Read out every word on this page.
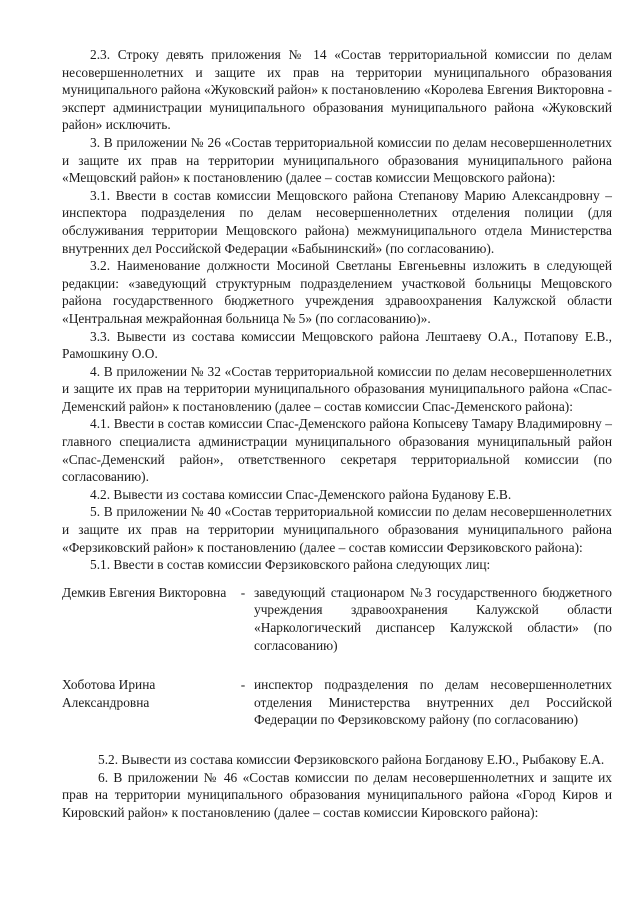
2.3. Строку девять приложения № 14 «Состав территориальной комиссии по делам несовершеннолетних и защите их прав на территории муниципального образования муниципального района «Жуковский район» к постановлению «Королева Евгения Викторовна - эксперт администрации муниципального образования муниципального района «Жуковский район» исключить.

3. В приложении № 26 «Состав территориальной комиссии по делам несовершеннолетних и защите их прав на территории муниципального образования муниципального района «Мещовский район» к постановлению (далее – состав комиссии Мещовского района):

3.1. Ввести в состав комиссии Мещовского района Степанову Марию Александровну – инспектора подразделения по делам несовершеннолетних отделения полиции (для обслуживания территории Мещовского района) межмуниципального отдела Министерства внутренних дел Российской Федерации «Бабынинский» (по согласованию).

3.2. Наименование должности Мосиной Светланы Евгеньевны изложить в следующей редакции: «заведующий структурным подразделением участковой больницы Мещовского района государственного бюджетного учреждения здравоохранения Калужской области «Центральная межрайонная больница № 5» (по согласованию)».

3.3. Вывести из состава комиссии Мещовского района Лештаеву О.А., Потапову Е.В., Рамошкину О.О.

4. В приложении № 32 «Состав территориальной комиссии по делам несовершеннолетних и защите их прав на территории муниципального образования муниципального района «Спас-Деменский район» к постановлению (далее – состав комиссии Спас-Деменского района):

4.1. Ввести в состав комиссии Спас-Деменского района Копысеву Тамару Владимировну – главного специалиста администрации муниципального образования муниципальный район «Спас-Деменский район», ответственного секретаря территориальной комиссии (по согласованию).

4.2. Вывести из состава комиссии Спас-Деменского района Буданову Е.В.

5. В приложении № 40 «Состав территориальной комиссии по делам несовершеннолетних и защите их прав на территории муниципального образования муниципального района «Ферзиковский район» к постановлению (далее – состав комиссии Ферзиковского района):

5.1. Ввести в состав комиссии Ферзиковского района следующих лиц:

Демкив Евгения Викторовна	- заведующий стационаром №3 государственного бюджетного учреждения здравоохранения Калужской области «Наркологический диспансер Калужской области» (по согласованию)
Хоботова Ирина Александровна
- инспектор подразделения по делам несовершеннолетних отделения Министерства внутренних дел Российской Федерации по Ферзиковскому району (по согласованию)

5.2. Вывести из состава комиссии Ферзиковского района Богданову Е.Ю., Рыбакову Е.А.

6. В приложении № 46 «Состав комиссии по делам несовершеннолетних и защите их прав на территории муниципального образования муниципального района «Город Киров и Кировский район» к постановлению (далее – состав комиссии Кировского района):
